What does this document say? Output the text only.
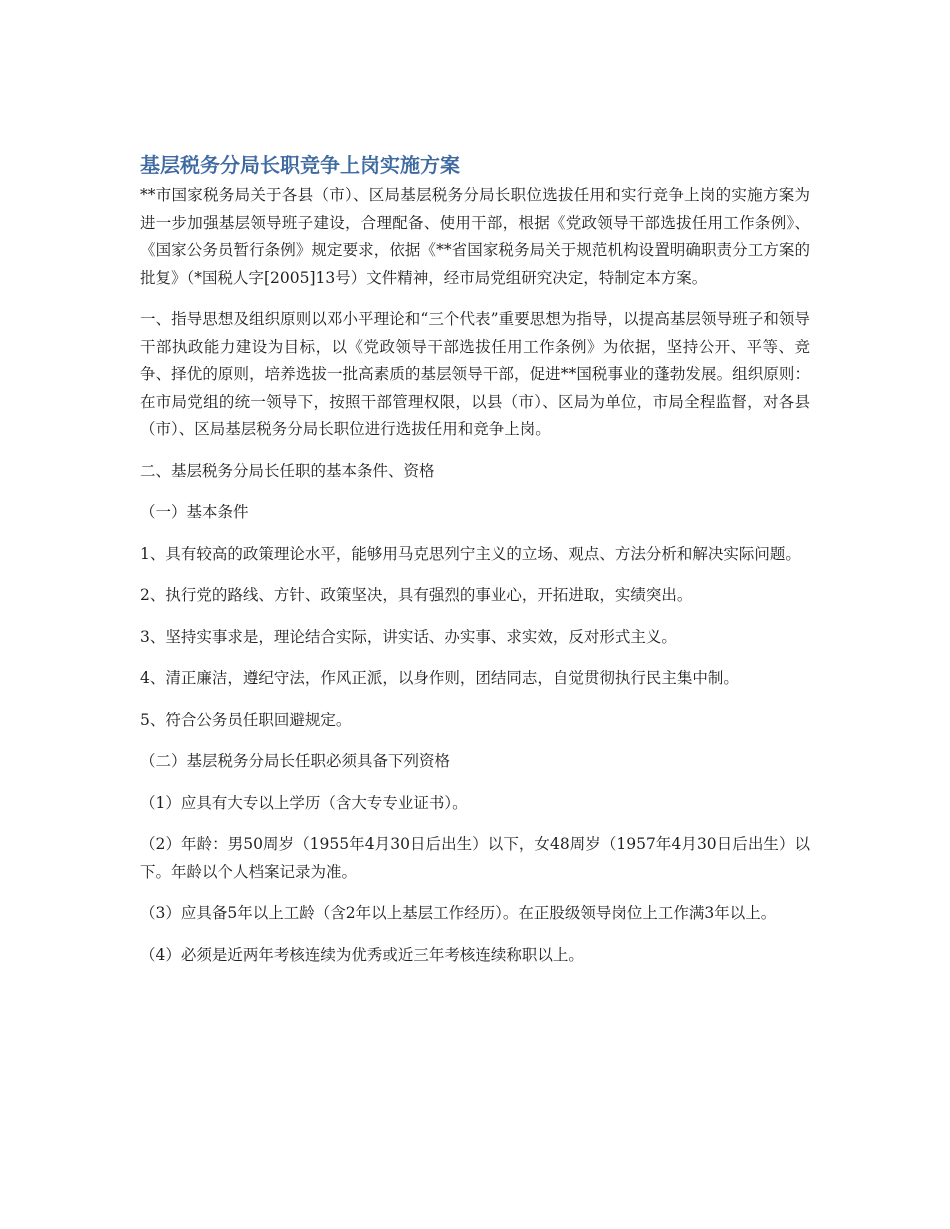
基层税务分局长职竞争上岗实施方案

**市国家税务局关于各县（市）、区局基层税务分局长职位选拔任用和实行竞争上岗的实施方案为进一步加强基层领导班子建设，合理配备、使用干部，根据《党政领导干部选拔任用工作条例》、《国家公务员暂行条例》规定要求，依据《**省国家税务局关于规范机构设置明确职责分工方案的批复》（*国税人字[2005]13号）文件精神，经市局党组研究决定，特制定本方案。

一、指导思想及组织原则以邓小平理论和“三个代表”重要思想为指导，以提高基层领导班子和领导干部执政能力建设为目标，以《党政领导干部选拔任用工作条例》为依据，坚持公开、平等、竞争、择优的原则，培养选拔一批高素质的基层领导干部，促进**国税事业的蓬勃发展。组织原则：在市局党组的统一领导下，按照干部管理权限，以县（市）、区局为单位，市局全程监督，对各县（市）、区局基层税务分局长职位进行选拔任用和竞争上岗。

二、基层税务分局长任职的基本条件、资格

（一）基本条件

1、具有较高的政策理论水平，能够用马克思列宁主义的立场、观点、方法分析和解决实际问题。

2、执行党的路线、方针、政策坚决，具有强烈的事业心，开拓进取，实绩突出。

3、坚持实事求是，理论结合实际，讲实话、办实事、求实效，反对形式主义。

4、清正廉洁，遵纪守法，作风正派，以身作则，团结同志，自觉贯彻执行民主集中制。

5、符合公务员任职回避规定。

（二）基层税务分局长任职必须具备下列资格

（1）应具有大专以上学历（含大专专业证书）。

（2）年龄：男50周岁（1955年4月30日后出生）以下，女48周岁（1957年4月30日后出生）以下。年龄以个人档案记录为准。

（3）应具备5年以上工龄（含2年以上基层工作经历）。在正股级领导岗位上工作满3年以上。

（4）必须是近两年考核连续为优秀或近三年考核连续称职以上。
